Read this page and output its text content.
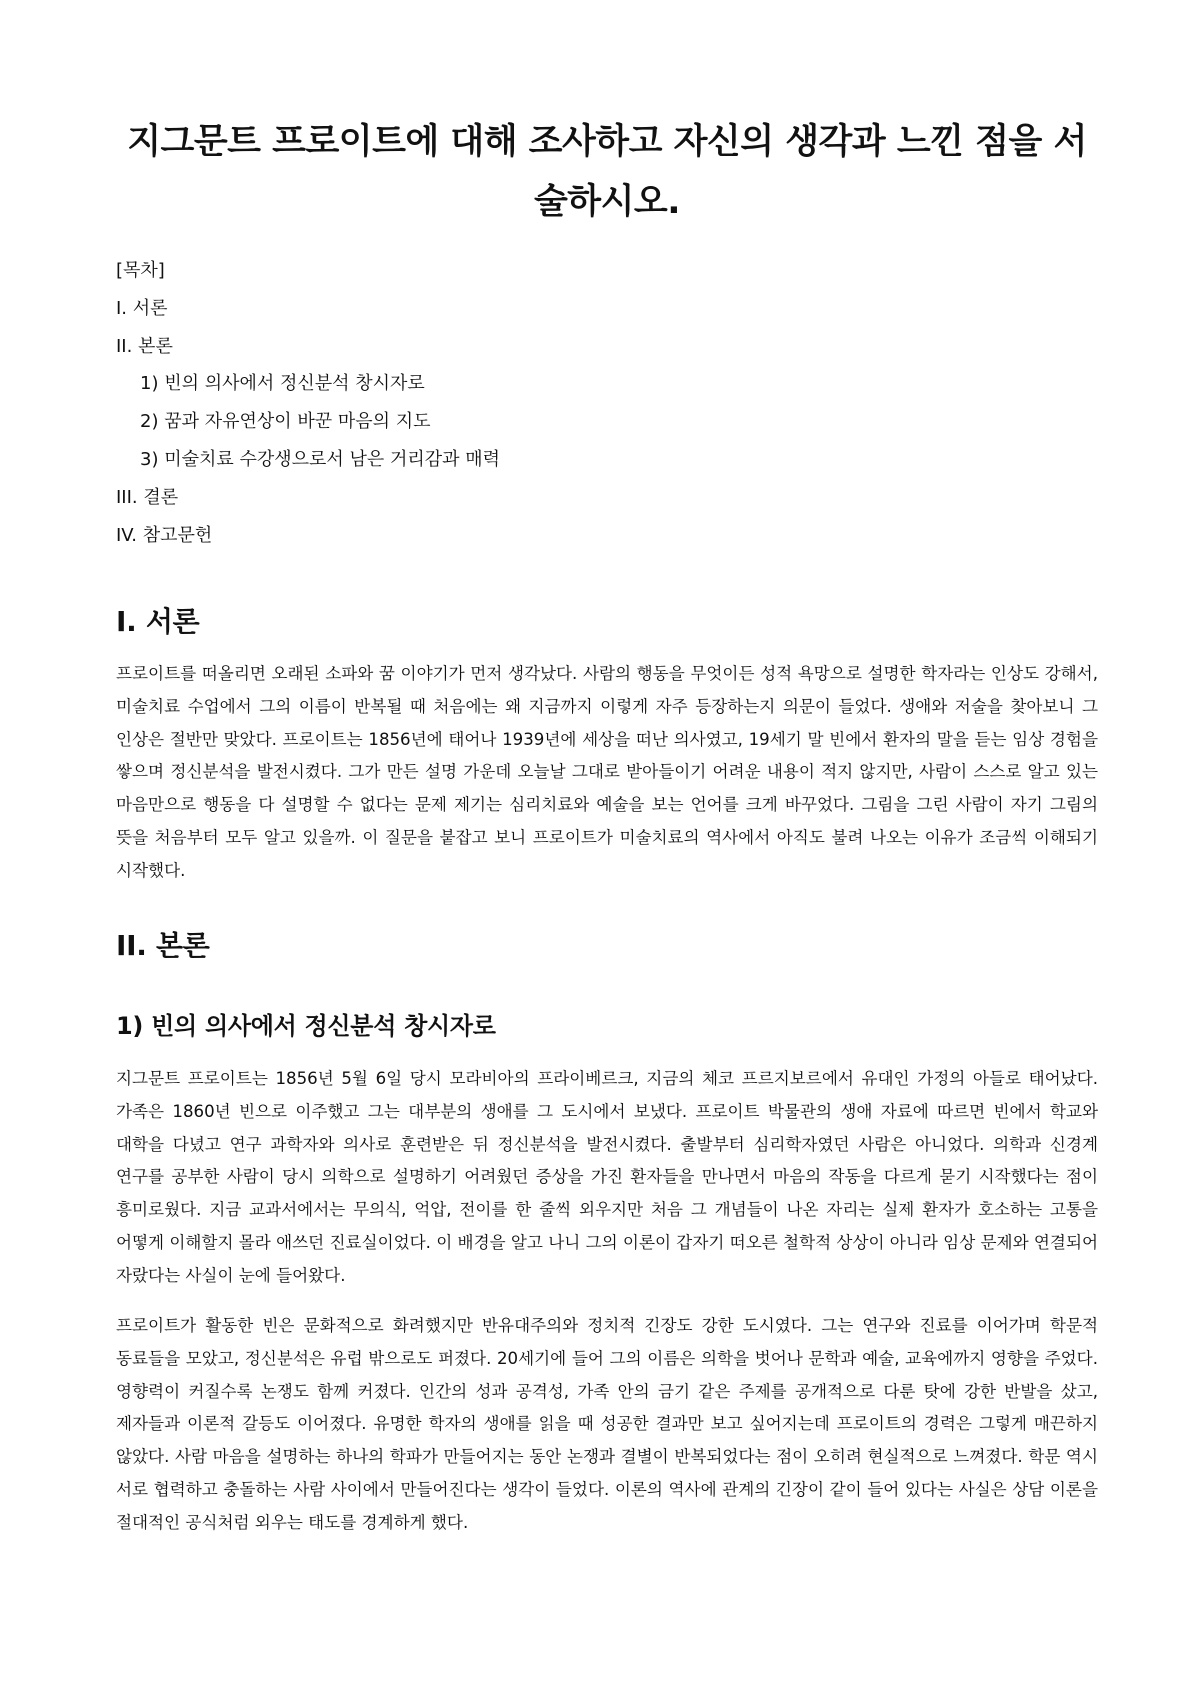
지그문트 프로이트에 대해 조사하고 자신의 생각과 느낀 점을 서술하시오.
[목차]
I. 서론
II. 본론
1) 빈의 의사에서 정신분석 창시자로
2) 꿈과 자유연상이 바꾼 마음의 지도
3) 미술치료 수강생으로서 남은 거리감과 매력
III. 결론
IV. 참고문헌
I. 서론

프로이트를 떠올리면 오래된 소파와 꿈 이야기가 먼저 생각났다. 사람의 행동을 무엇이든 성적 욕망으로 설명한 학자라는 인상도 강해서, 미술치료 수업에서 그의 이름이 반복될 때 처음에는 왜 지금까지 이렇게 자주 등장하는지 의문이 들었다. 생애와 저술을 찾아보니 그 인상은 절반만 맞았다. 프로이트는 1856년에 태어나 1939년에 세상을 떠난 의사였고, 19세기 말 빈에서 환자의 말을 듣는 임상 경험을 쌓으며 정신분석을 발전시켰다. 그가 만든 설명 가운데 오늘날 그대로 받아들이기 어려운 내용이 적지 않지만, 사람이 스스로 알고 있는 마음만으로 행동을 다 설명할 수 없다는 문제 제기는 심리치료와 예술을 보는 언어를 크게 바꾸었다. 그림을 그린 사람이 자기 그림의 뜻을 처음부터 모두 알고 있을까. 이 질문을 붙잡고 보니 프로이트가 미술치료의 역사에서 아직도 불려 나오는 이유가 조금씩 이해되기 시작했다.

II. 본론
1) 빈의 의사에서 정신분석 창시자로

지그문트 프로이트는 1856년 5월 6일 당시 모라비아의 프라이베르크, 지금의 체코 프르지보르에서 유대인 가정의 아들로 태어났다. 가족은 1860년 빈으로 이주했고 그는 대부분의 생애를 그 도시에서 보냈다. 프로이트 박물관의 생애 자료에 따르면 빈에서 학교와 대학을 다녔고 연구 과학자와 의사로 훈련받은 뒤 정신분석을 발전시켰다. 출발부터 심리학자였던 사람은 아니었다. 의학과 신경계 연구를 공부한 사람이 당시 의학으로 설명하기 어려웠던 증상을 가진 환자들을 만나면서 마음의 작동을 다르게 묻기 시작했다는 점이 흥미로웠다. 지금 교과서에서는 무의식, 억압, 전이를 한 줄씩 외우지만 처음 그 개념들이 나온 자리는 실제 환자가 호소하는 고통을 어떻게 이해할지 몰라 애쓰던 진료실이었다. 이 배경을 알고 나니 그의 이론이 갑자기 떠오른 철학적 상상이 아니라 임상 문제와 연결되어 자랐다는 사실이 눈에 들어왔다.

프로이트가 활동한 빈은 문화적으로 화려했지만 반유대주의와 정치적 긴장도 강한 도시였다. 그는 연구와 진료를 이어가며 학문적 동료들을 모았고, 정신분석은 유럽 밖으로도 퍼졌다. 20세기에 들어 그의 이름은 의학을 벗어나 문학과 예술, 교육에까지 영향을 주었다. 영향력이 커질수록 논쟁도 함께 커졌다. 인간의 성과 공격성, 가족 안의 금기 같은 주제를 공개적으로 다룬 탓에 강한 반발을 샀고, 제자들과 이론적 갈등도 이어졌다. 유명한 학자의 생애를 읽을 때 성공한 결과만 보고 싶어지는데 프로이트의 경력은 그렇게 매끈하지 않았다. 사람 마음을 설명하는 하나의 학파가 만들어지는 동안 논쟁과 결별이 반복되었다는 점이 오히려 현실적으로 느껴졌다. 학문 역시 서로 협력하고 충돌하는 사람 사이에서 만들어진다는 생각이 들었다. 이론의 역사에 관계의 긴장이 같이 들어 있다는 사실은 상담 이론을 절대적인 공식처럼 외우는 태도를 경계하게 했다.
